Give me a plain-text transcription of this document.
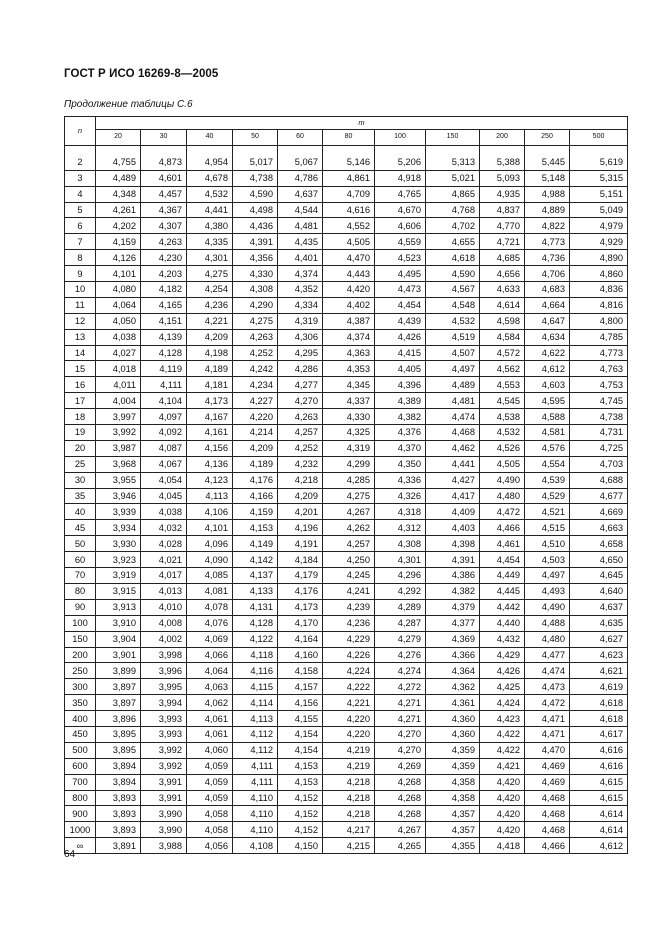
ГОСТ Р ИСО 16269-8—2005
Продолжение таблицы С.6
n	m										
	20	30	40	50	60	80	100	150	200	250	500

2	4,755	4,873	4,954	5,017	5,067	5,146	5,206	5,313	5,388	5,445	5,619
3	4,489	4,601	4,678	4,738	4,786	4,861	4,918	5,021	5,093	5,148	5,315
4	4,348	4,457	4,532	4,590	4,637	4,709	4,765	4,865	4,935	4,988	5,151
5	4,261	4,367	4,441	4,498	4,544	4,616	4,670	4,768	4,837	4,889	5,049
6	4,202	4,307	4,380	4,436	4,481	4,552	4,606	4,702	4,770	4,822	4,979
7	4,159	4,263	4,335	4,391	4,435	4,505	4,559	4,655	4,721	4,773	4,929
8	4,126	4,230	4,301	4,356	4,401	4,470	4,523	4,618	4,685	4,736	4,890
9	4,101	4,203	4,275	4,330	4,374	4,443	4,495	4,590	4,656	4,706	4,860
10	4,080	4,182	4,254	4,308	4,352	4,420	4,473	4,567	4,633	4,683	4,836
11	4,064	4,165	4,236	4,290	4,334	4,402	4,454	4,548	4,614	4,664	4,816
12	4,050	4,151	4,221	4,275	4,319	4,387	4,439	4,532	4,598	4,647	4,800
13	4,038	4,139	4,209	4,263	4,306	4,374	4,426	4,519	4,584	4,634	4,785
14	4,027	4,128	4,198	4,252	4,295	4,363	4,415	4,507	4,572	4,622	4,773
15	4,018	4,119	4,189	4,242	4,286	4,353	4,405	4,497	4,562	4,612	4,763
16	4,011	4,111	4,181	4,234	4,277	4,345	4,396	4,489	4,553	4,603	4,753
17	4,004	4,104	4,173	4,227	4,270	4,337	4,389	4,481	4,545	4,595	4,745
18	3,997	4,097	4,167	4,220	4,263	4,330	4,382	4,474	4,538	4,588	4,738
19	3,992	4,092	4,161	4,214	4,257	4,325	4,376	4,468	4,532	4,581	4,731
20	3,987	4,087	4,156	4,209	4,252	4,319	4,370	4,462	4,526	4,576	4,725
25	3,968	4,067	4,136	4,189	4,232	4,299	4,350	4,441	4,505	4,554	4,703
30	3,955	4,054	4,123	4,176	4,218	4,285	4,336	4,427	4,490	4,539	4,688
35	3,946	4,045	4,113	4,166	4,209	4,275	4,326	4,417	4,480	4,529	4,677
40	3,939	4,038	4,106	4,159	4,201	4,267	4,318	4,409	4,472	4,521	4,669
45	3,934	4,032	4,101	4,153	4,196	4,262	4,312	4,403	4,466	4,515	4,663
50	3,930	4,028	4,096	4,149	4,191	4,257	4,308	4,398	4,461	4,510	4,658
60	3,923	4,021	4,090	4,142	4,184	4,250	4,301	4,391	4,454	4,503	4,650
70	3,919	4,017	4,085	4,137	4,179	4,245	4,296	4,386	4,449	4,497	4,645
80	3,915	4,013	4,081	4,133	4,176	4,241	4,292	4,382	4,445	4,493	4,640
90	3,913	4,010	4,078	4,131	4,173	4,239	4,289	4,379	4,442	4,490	4,637
100	3,910	4,008	4,076	4,128	4,170	4,236	4,287	4,377	4,440	4,488	4,635
150	3,904	4,002	4,069	4,122	4,164	4,229	4,279	4,369	4,432	4,480	4,627
200	3,901	3,998	4,066	4,118	4,160	4,226	4,276	4,366	4,429	4,477	4,623
250	3,899	3,996	4,064	4,116	4,158	4,224	4,274	4,364	4,426	4,474	4,621
300	3,897	3,995	4,063	4,115	4,157	4,222	4,272	4,362	4,425	4,473	4,619
350	3,897	3,994	4,062	4,114	4,156	4,221	4,271	4,361	4,424	4,472	4,618
400	3,896	3,993	4,061	4,113	4,155	4,220	4,271	4,360	4,423	4,471	4,618
450	3,895	3,993	4,061	4,112	4,154	4,220	4,270	4,360	4,422	4,471	4,617
500	3,895	3,992	4,060	4,112	4,154	4,219	4,270	4,359	4,422	4,470	4,616
600	3,894	3,992	4,059	4,111	4,153	4,219	4,269	4,359	4,421	4,469	4,616
700	3,894	3,991	4,059	4,111	4,153	4,218	4,268	4,358	4,420	4,469	4,615
800	3,893	3,991	4,059	4,110	4,152	4,218	4,268	4,358	4,420	4,468	4,615
900	3,893	3,990	4,058	4,110	4,152	4,218	4,268	4,357	4,420	4,468	4,614
1000	3,893	3,990	4,058	4,110	4,152	4,217	4,267	4,357	4,420	4,468	4,614
∞	3,891	3,988	4,056	4,108	4,150	4,215	4,265	4,355	4,418	4,466	4,612
64
